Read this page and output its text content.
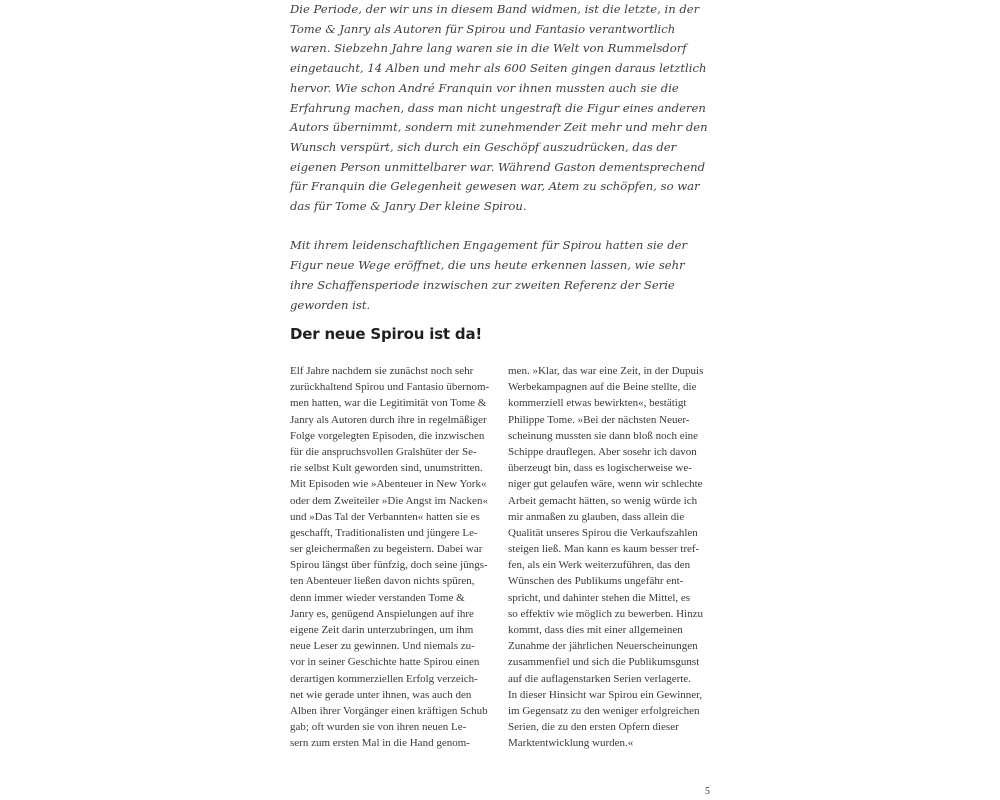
Die Periode, der wir uns in diesem Band widmen, ist die letzte, in der Tome & Janry als Autoren für Spirou und Fantasio verantwortlich waren. Siebzehn Jahre lang waren sie in die Welt von Rummelsdorf eingetaucht, 14 Alben und mehr als 600 Seiten gingen daraus letztlich hervor. Wie schon André Franquin vor ihnen mussten auch sie die Erfahrung machen, dass man nicht ungestraft die Figur eines anderen Autors übernimmt, sondern mit zunehmender Zeit mehr und mehr den Wunsch verspürt, sich durch ein Geschöpf auszudrücken, das der eigenen Person unmittelbarer war. Während Gaston dementsprechend für Franquin die Gelegenheit gewesen war, Atem zu schöpfen, so war das für Tome & Janry Der kleine Spirou.

Mit ihrem leidenschaftlichen Engagement für Spirou hatten sie der Figur neue Wege eröffnet, die uns heute erkennen lassen, wie sehr ihre Schaffensperiode inzwischen zur zweiten Referenz der Serie geworden ist.

Der neue Spirou ist da!
Elf Jahre nachdem sie zunächst noch sehr
zurückhaltend Spirou und Fantasio übernom-
men hatten, war die Legitimität von Tome &
Janry als Autoren durch ihre in regelmäßiger
Folge vorgelegten Episoden, die inzwischen
für die anspruchsvollen Gralshüter der Se-
rie selbst Kult geworden sind, unumstritten.
Mit Episoden wie »Abenteuer in New York«
oder dem Zweiteiler »Die Angst im Nacken«
und »Das Tal der Verbannten« hatten sie es
geschafft, Traditionalisten und jüngere Le-
ser gleichermaßen zu begeistern. Dabei war
Spirou längst über fünfzig, doch seine jüngs-
ten Abenteuer ließen davon nichts spüren,
denn immer wieder verstanden Tome &
Janry es, genügend Anspielungen auf ihre
eigene Zeit darin unterzubringen, um ihm
neue Leser zu gewinnen. Und niemals zu-
vor in seiner Geschichte hatte Spirou einen
derartigen kommerziellen Erfolg verzeich-
net wie gerade unter ihnen, was auch den
Alben ihrer Vorgänger einen kräftigen Schub
gab; oft wurden sie von ihren neuen Le-
sern zum ersten Mal in die Hand genom-
men. »Klar, das war eine Zeit, in der Dupuis
Werbekampagnen auf die Beine stellte, die
kommerziell etwas bewirkten«, bestätigt
Philippe Tome. »Bei der nächsten Neuer-
scheinung mussten sie dann bloß noch eine
Schippe drauflegen. Aber sosehr ich davon
überzeugt bin, dass es logischerweise we-
niger gut gelaufen wäre, wenn wir schlechte
Arbeit gemacht hätten, so wenig würde ich
mir anmaßen zu glauben, dass allein die
Qualität unseres Spirou die Verkaufszahlen
steigen ließ. Man kann es kaum besser tref-
fen, als ein Werk weiterzuführen, das den
Wünschen des Publikums ungefähr ent-
spricht, und dahinter stehen die Mittel, es
so effektiv wie möglich zu bewerben. Hinzu
kommt, dass dies mit einer allgemeinen
Zunahme der jährlichen Neuerscheinungen
zusammenfiel und sich die Publikumsgunst
auf die auflagenstarken Serien verlagerte.
In dieser Hinsicht war Spirou ein Gewinner,
im Gegensatz zu den weniger erfolgreichen
Serien, die zu den ersten Opfern dieser
Marktentwicklung wurden.«
5
